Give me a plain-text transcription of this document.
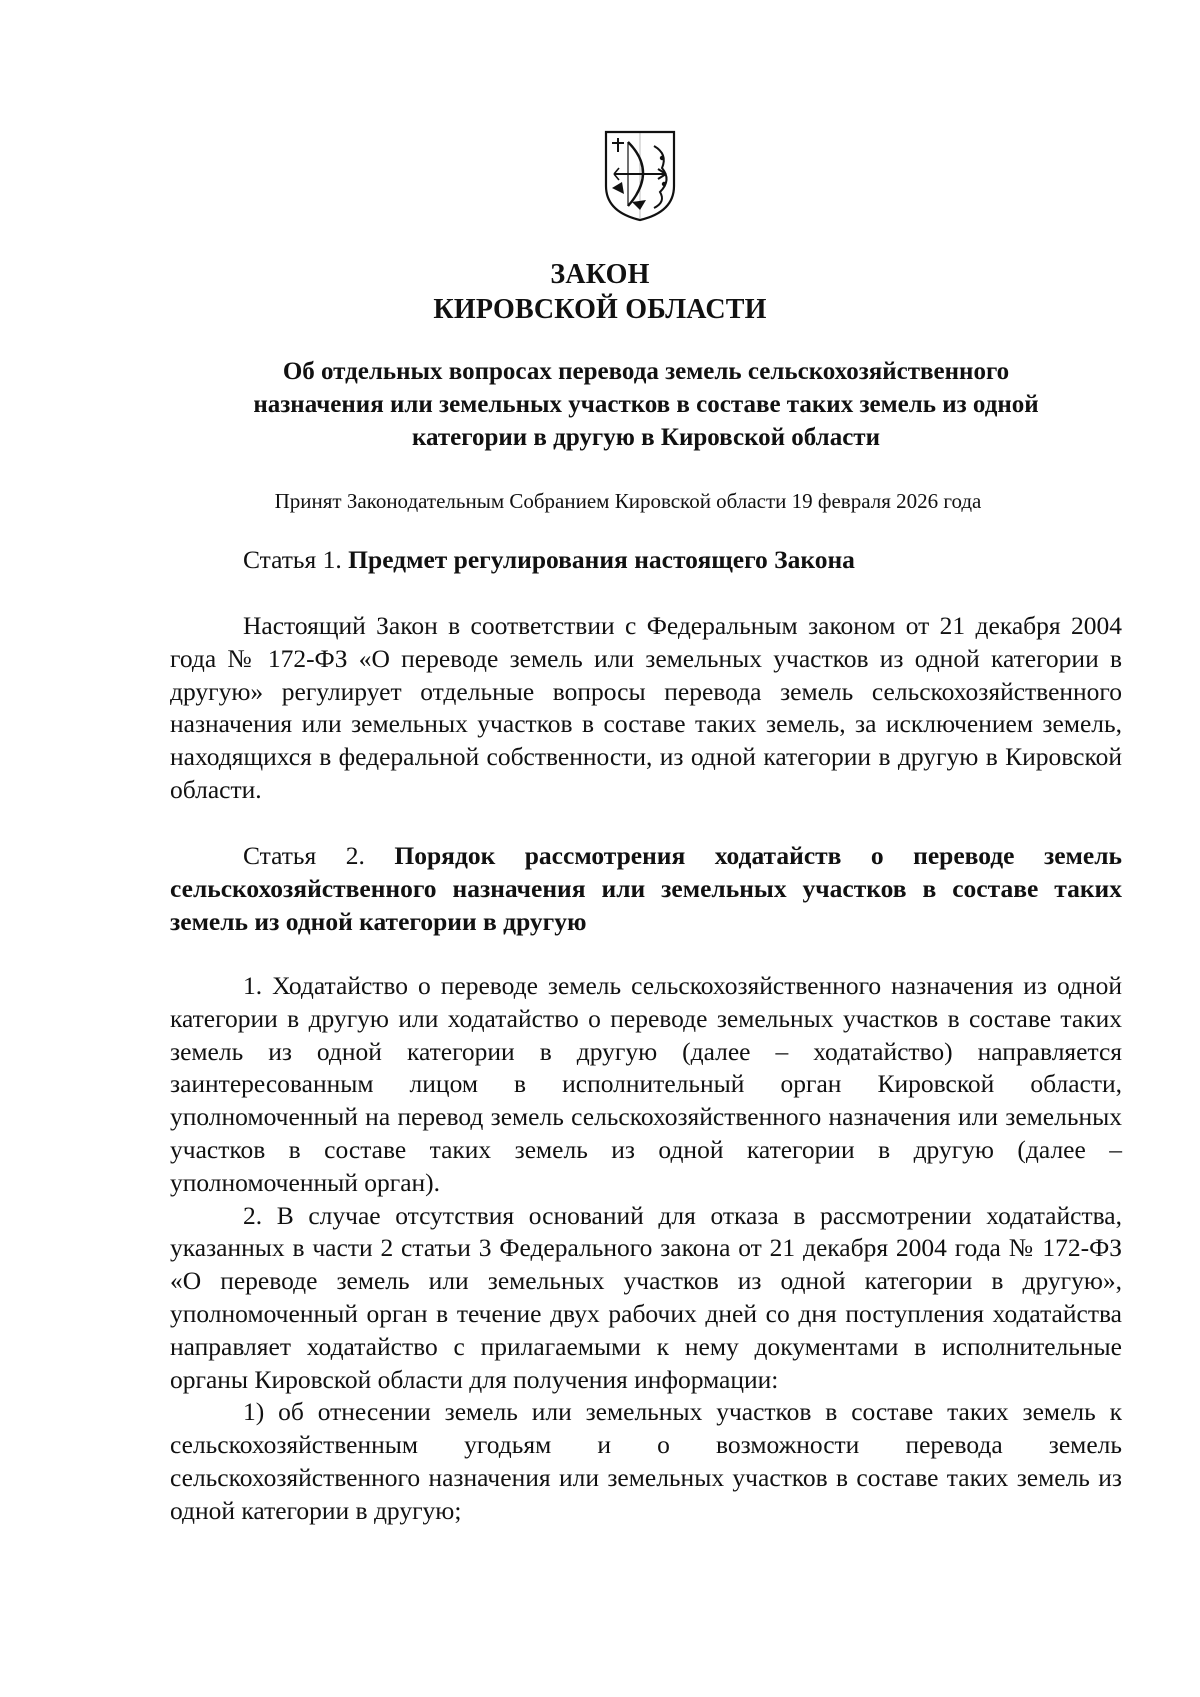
ЗАКОН
КИРОВСКОЙ ОБЛАСТИ
Об отдельных вопросах перевода земель сельскохозяйственного
назначения или земельных участков в составе таких земель из одной
категории в другую в Кировской области
Принят Законодательным Собранием Кировской области 19 февраля 2026 года
Статья 1. Предмет регулирования настоящего Закона

Настоящий Закон в соответствии с Федеральным законом от 21 декабря 2004 года № 172-ФЗ «О переводе земель или земельных участков из одной категории в другую» регулирует отдельные вопросы перевода земель сельскохозяйственного назначения или земельных участков в составе таких земель, за исключением земель, находящихся в федеральной собственности, из одной категории в другую в Кировской области.

Статья 2. Порядок рассмотрения ходатайств о переводе земель сельскохозяйственного назначения или земельных участков в составе таких земель из одной категории в другую

1. Ходатайство о переводе земель сельскохозяйственного назначения из одной категории в другую или ходатайство о переводе земельных участков в составе таких земель из одной категории в другую (далее – ходатайство) направляется заинтересованным лицом в исполнительный орган Кировской области, уполномоченный на перевод земель сельскохозяйственного назначения или земельных участков в составе таких земель из одной категории в другую (далее – уполномоченный орган).

2. В случае отсутствия оснований для отказа в рассмотрении ходатайства, указанных в части 2 статьи 3 Федерального закона от 21 декабря 2004 года № 172-ФЗ «О переводе земель или земельных участков из одной категории в другую», уполномоченный орган в течение двух рабочих дней со дня поступления ходатайства направляет ходатайство с прилагаемыми к нему документами в исполнительные органы Кировской области для получения информации:

1) об отнесении земель или земельных участков в составе таких земель к сельскохозяйственным угодьям и о возможности перевода земель сельскохозяйственного назначения или земельных участков в составе таких земель из одной категории в другую;
